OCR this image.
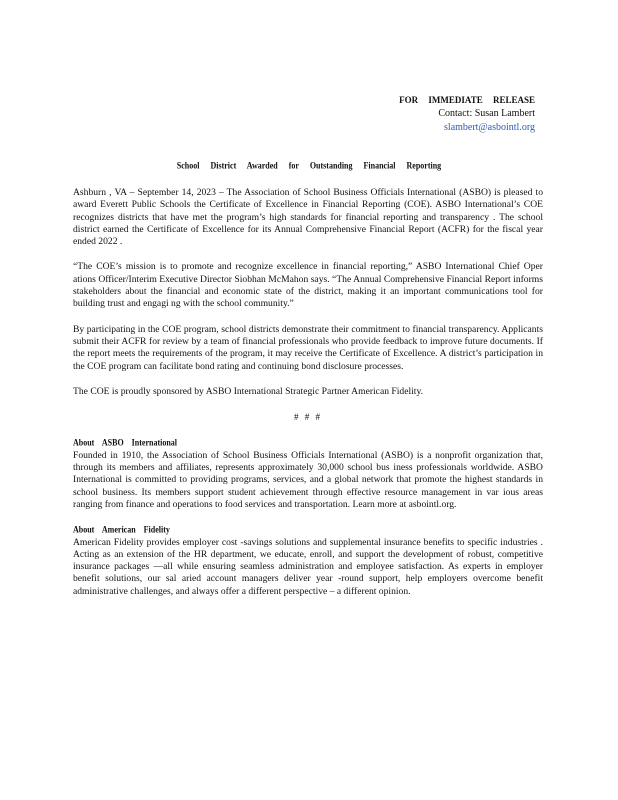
FOR IMMEDIATE RELEASE
Contact: Susan Lambert
slambert@asbointl.org
School District Awarded for Outstanding Financial Reporting

Ashburn , VA – September 14, 2023 – The Association of School Business Officials International (ASBO) is pleased to award Everett Public Schools the Certificate of Excellence in Financial Reporting (COE). ASBO International’s COE recognizes districts that have met the program’s high standards for financial reporting and transparency . The school district earned the Certificate of Excellence for its Annual Comprehensive Financial Report (ACFR) for the fiscal year ended 2022 .

“The COE’s mission is to promote and recognize excellence in financial reporting,” ASBO International Chief Oper ations Officer/Interim Executive Director Siobhan McMahon says. “The Annual Comprehensive Financial Report informs stakeholders about the financial and economic state of the district, making it an important communications tool for building trust and engagi ng with the school community.”

By participating in the COE program, school districts demonstrate their commitment to financial transparency. Applicants submit their ACFR for review by a team of financial professionals who provide feedback to improve future documents. If the report meets the requirements of the program, it may receive the Certificate of Excellence. A district’s participation in the COE program can facilitate bond rating and continuing bond disclosure processes.

The COE is proudly sponsored by ASBO International Strategic Partner American Fidelity.

# # #
About ASBO International

Founded in 1910, the Association of School Business Officials International (ASBO) is a nonprofit organization that, through its members and affiliates, represents approximately 30,000 school bus iness professionals worldwide. ASBO International is committed to providing programs, services, and a global network that promote the highest standards in school business. Its members support student achievement through effective resource management in var ious areas ranging from finance and operations to food services and transportation. Learn more at asbointl.org.

About American Fidelity

American Fidelity provides employer cost -savings solutions and supplemental insurance benefits to specific industries . Acting as an extension of the HR department, we educate, enroll, and support the development of robust, competitive insurance packages —all while ensuring seamless administration and employee satisfaction. As experts in employer benefit solutions, our sal aried account managers deliver year -round support, help employers overcome benefit administrative challenges, and always offer a different perspective – a different opinion.
